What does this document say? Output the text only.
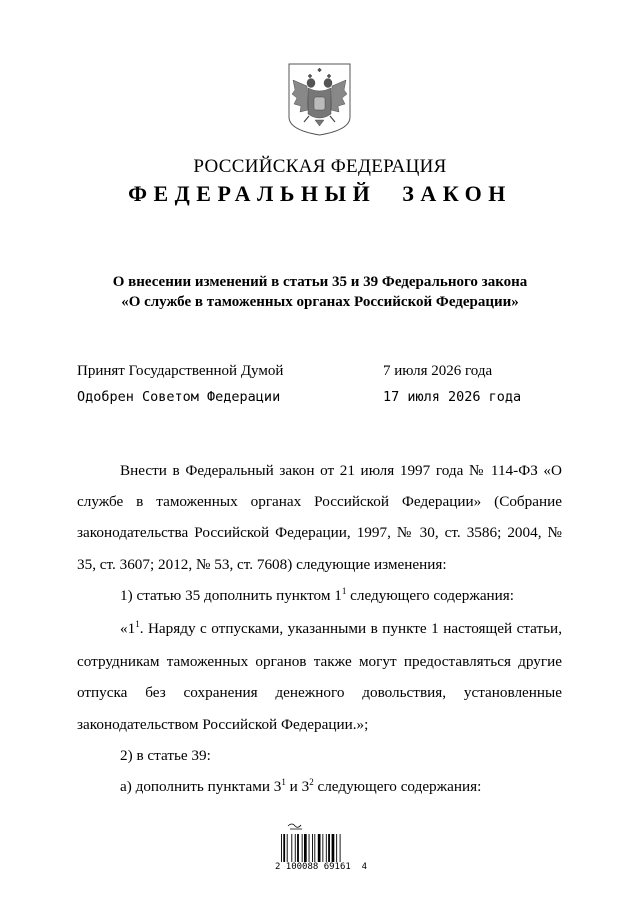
РОССИЙСКАЯ ФЕДЕРАЦИЯ
ФЕДЕРАЛЬНЫЙ ЗАКОН
О внесении изменений в статьи 35 и 39 Федерального закона
«О службе в таможенных органах Российской Федерации»
Принят Государственной Думой	7 июля 2026 года
Одобрен Советом Федерации	17 июля 2026 года

Внести в Федеральный закон от 21 июля 1997 года № 114-ФЗ «О службе в таможенных органах Российской Федерации» (Собрание законодательства Российской Федерации, 1997, № 30, ст. 3586; 2004, № 35, ст. 3607; 2012, № 53, ст. 7608) следующие изменения:

1) статью 35 дополнить пунктом $1^1$ следующего содержания:

«$1^1$. Наряду с отпусками, указанными в пункте 1 настоящей статьи, сотрудникам таможенных органов также могут предоставляться другие отпуска без сохранения денежного довольствия, установленные законодательством Российской Федерации.»;

2) в статье 39:

а) дополнить пунктами $3^1$ и $3^2$ следующего содержания:

2 100088 69161  4
